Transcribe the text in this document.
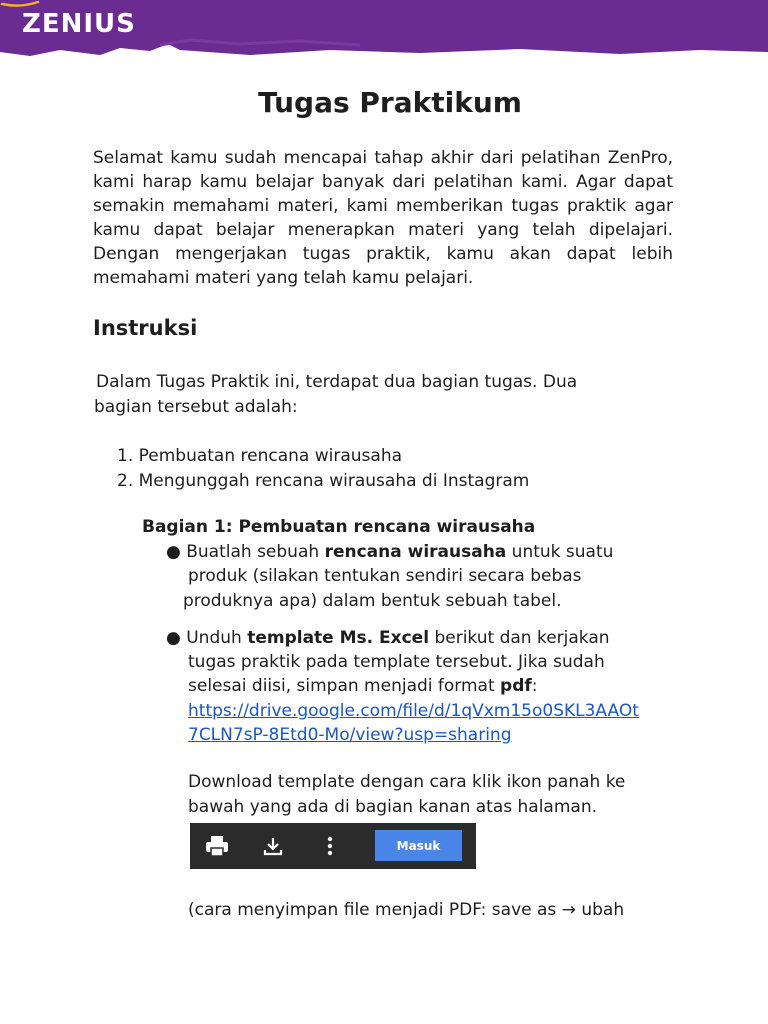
ZENIUS
Tugas Praktikum
Selamat kamu sudah mencapai tahap akhir dari pelatihan ZenPro, kami harap kamu belajar banyak dari pelatihan kami. Agar dapat semakin memahami materi, kami memberikan tugas praktik agar kamu dapat belajar menerapkan materi yang telah dipelajari. Dengan mengerjakan tugas praktik, kamu akan dapat lebih memahami materi yang telah kamu pelajari.
Instruksi
Dalam Tugas Praktik ini, terdapat dua bagian tugas. Dua
bagian tersebut adalah:
1. Pembuatan rencana wirausaha
2. Mengunggah rencana wirausaha di Instagram
Bagian 1: Pembuatan rencana wirausaha
● Buatlah sebuah rencana wirausaha untuk suatu
produk (silakan tentukan sendiri secara bebas
produknya apa) dalam bentuk sebuah tabel.
● Unduh template Ms. Excel berikut dan kerjakan
tugas praktik pada template tersebut. Jika sudah
selesai diisi, simpan menjadi format pdf:
https://drive.google.com/file/d/1qVxm15o0SKL3AAOt
7CLN7sP-8Etd0-Mo/view?usp=sharing
Download template dengan cara klik ikon panah ke
bawah yang ada di bagian kanan atas halaman.
Masuk
(cara menyimpan file menjadi PDF: save as → ubah
